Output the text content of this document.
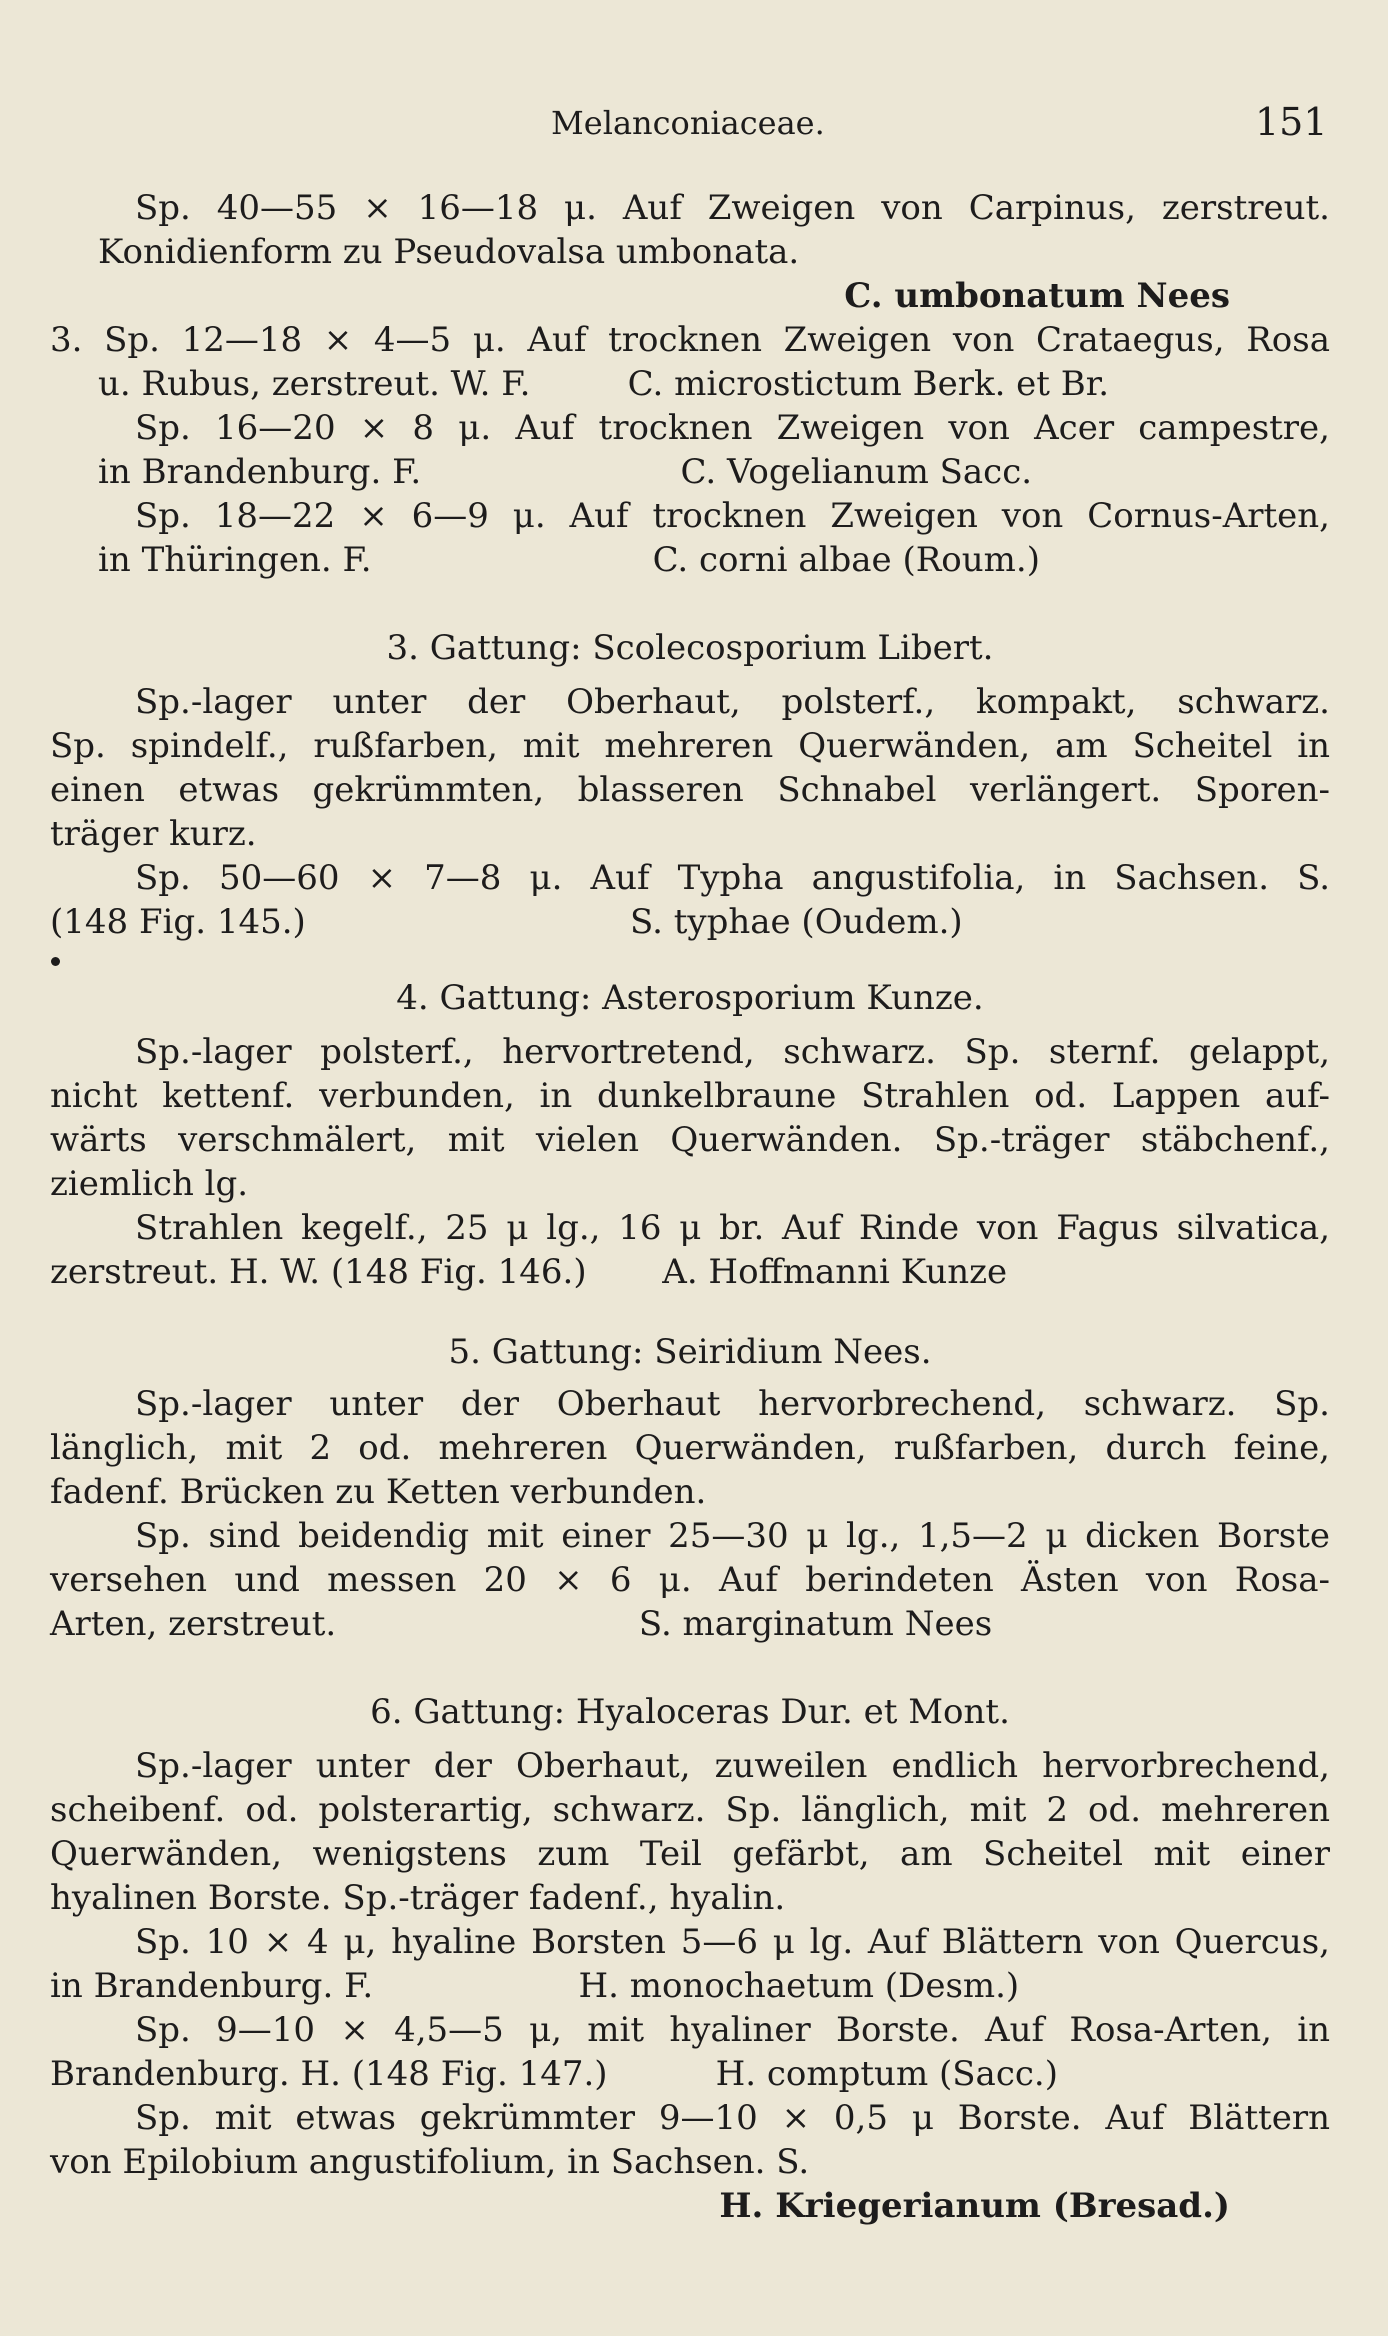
Melanconiaceae.	151
Sp. 40—55 × 16—18 μ. Auf Zweigen von Carpinus, zerstreut.
Konidienform zu Pseudovalsa umbonata.
C. umbonatum Nees
3. Sp. 12—18 × 4—5 μ. Auf trocknen Zweigen von Crataegus, Rosa
u. Rubus, zerstreut. W. F.         C. microstictum Berk. et Br.
Sp. 16—20 × 8 μ. Auf trocknen Zweigen von Acer campestre,
in Brandenburg. F.                        C. Vogelianum Sacc.
Sp. 18—22 × 6—9 μ. Auf trocknen Zweigen von Cornus-Arten,
in Thüringen. F.                          C. corni albae (Roum.)
3. Gattung: Scolecosporium Libert.
Sp.-lager unter der Oberhaut, polsterf., kompakt, schwarz.
Sp. spindelf., rußfarben, mit mehreren Querwänden, am Scheitel in
einen etwas gekrümmten, blasseren Schnabel verlängert. Sporen-
träger kurz.
Sp. 50—60 × 7—8 μ. Auf Typha angustifolia, in Sachsen. S.
(148 Fig. 145.)                              S. typhae (Oudem.)
4. Gattung: Asterosporium Kunze.
Sp.-lager polsterf., hervortretend, schwarz. Sp. sternf. gelappt,
nicht kettenf. verbunden, in dunkelbraune Strahlen od. Lappen auf-
wärts verschmälert, mit vielen Querwänden. Sp.-träger stäbchenf.,
ziemlich lg.
Strahlen kegelf., 25 μ lg., 16 μ br. Auf Rinde von Fagus silvatica,
zerstreut. H. W. (148 Fig. 146.)       A. Hoffmanni Kunze
5. Gattung: Seiridium Nees.
Sp.-lager unter der Oberhaut hervorbrechend, schwarz. Sp.
länglich, mit 2 od. mehreren Querwänden, rußfarben, durch feine,
fadenf. Brücken zu Ketten verbunden.
Sp. sind beidendig mit einer 25—30 μ lg., 1,5—2 μ dicken Borste
versehen und messen 20 × 6 μ. Auf berindeten Ästen von Rosa-
Arten, zerstreut.                            S. marginatum Nees
6. Gattung: Hyaloceras Dur. et Mont.
Sp.-lager unter der Oberhaut, zuweilen endlich hervorbrechend,
scheibenf. od. polsterartig, schwarz. Sp. länglich, mit 2 od. mehreren
Querwänden, wenigstens zum Teil gefärbt, am Scheitel mit einer
hyalinen Borste. Sp.-träger fadenf., hyalin.
Sp. 10 × 4 μ, hyaline Borsten 5—6 μ lg. Auf Blättern von Quercus,
in Brandenburg. F.                   H. monochaetum (Desm.)
Sp. 9—10 × 4,5—5 μ, mit hyaliner Borste. Auf Rosa-Arten, in
Brandenburg. H. (148 Fig. 147.)          H. comptum (Sacc.)
Sp. mit etwas gekrümmter 9—10 × 0,5 μ Borste. Auf Blättern
von Epilobium angustifolium, in Sachsen. S.
H. Kriegerianum (Bresad.)
